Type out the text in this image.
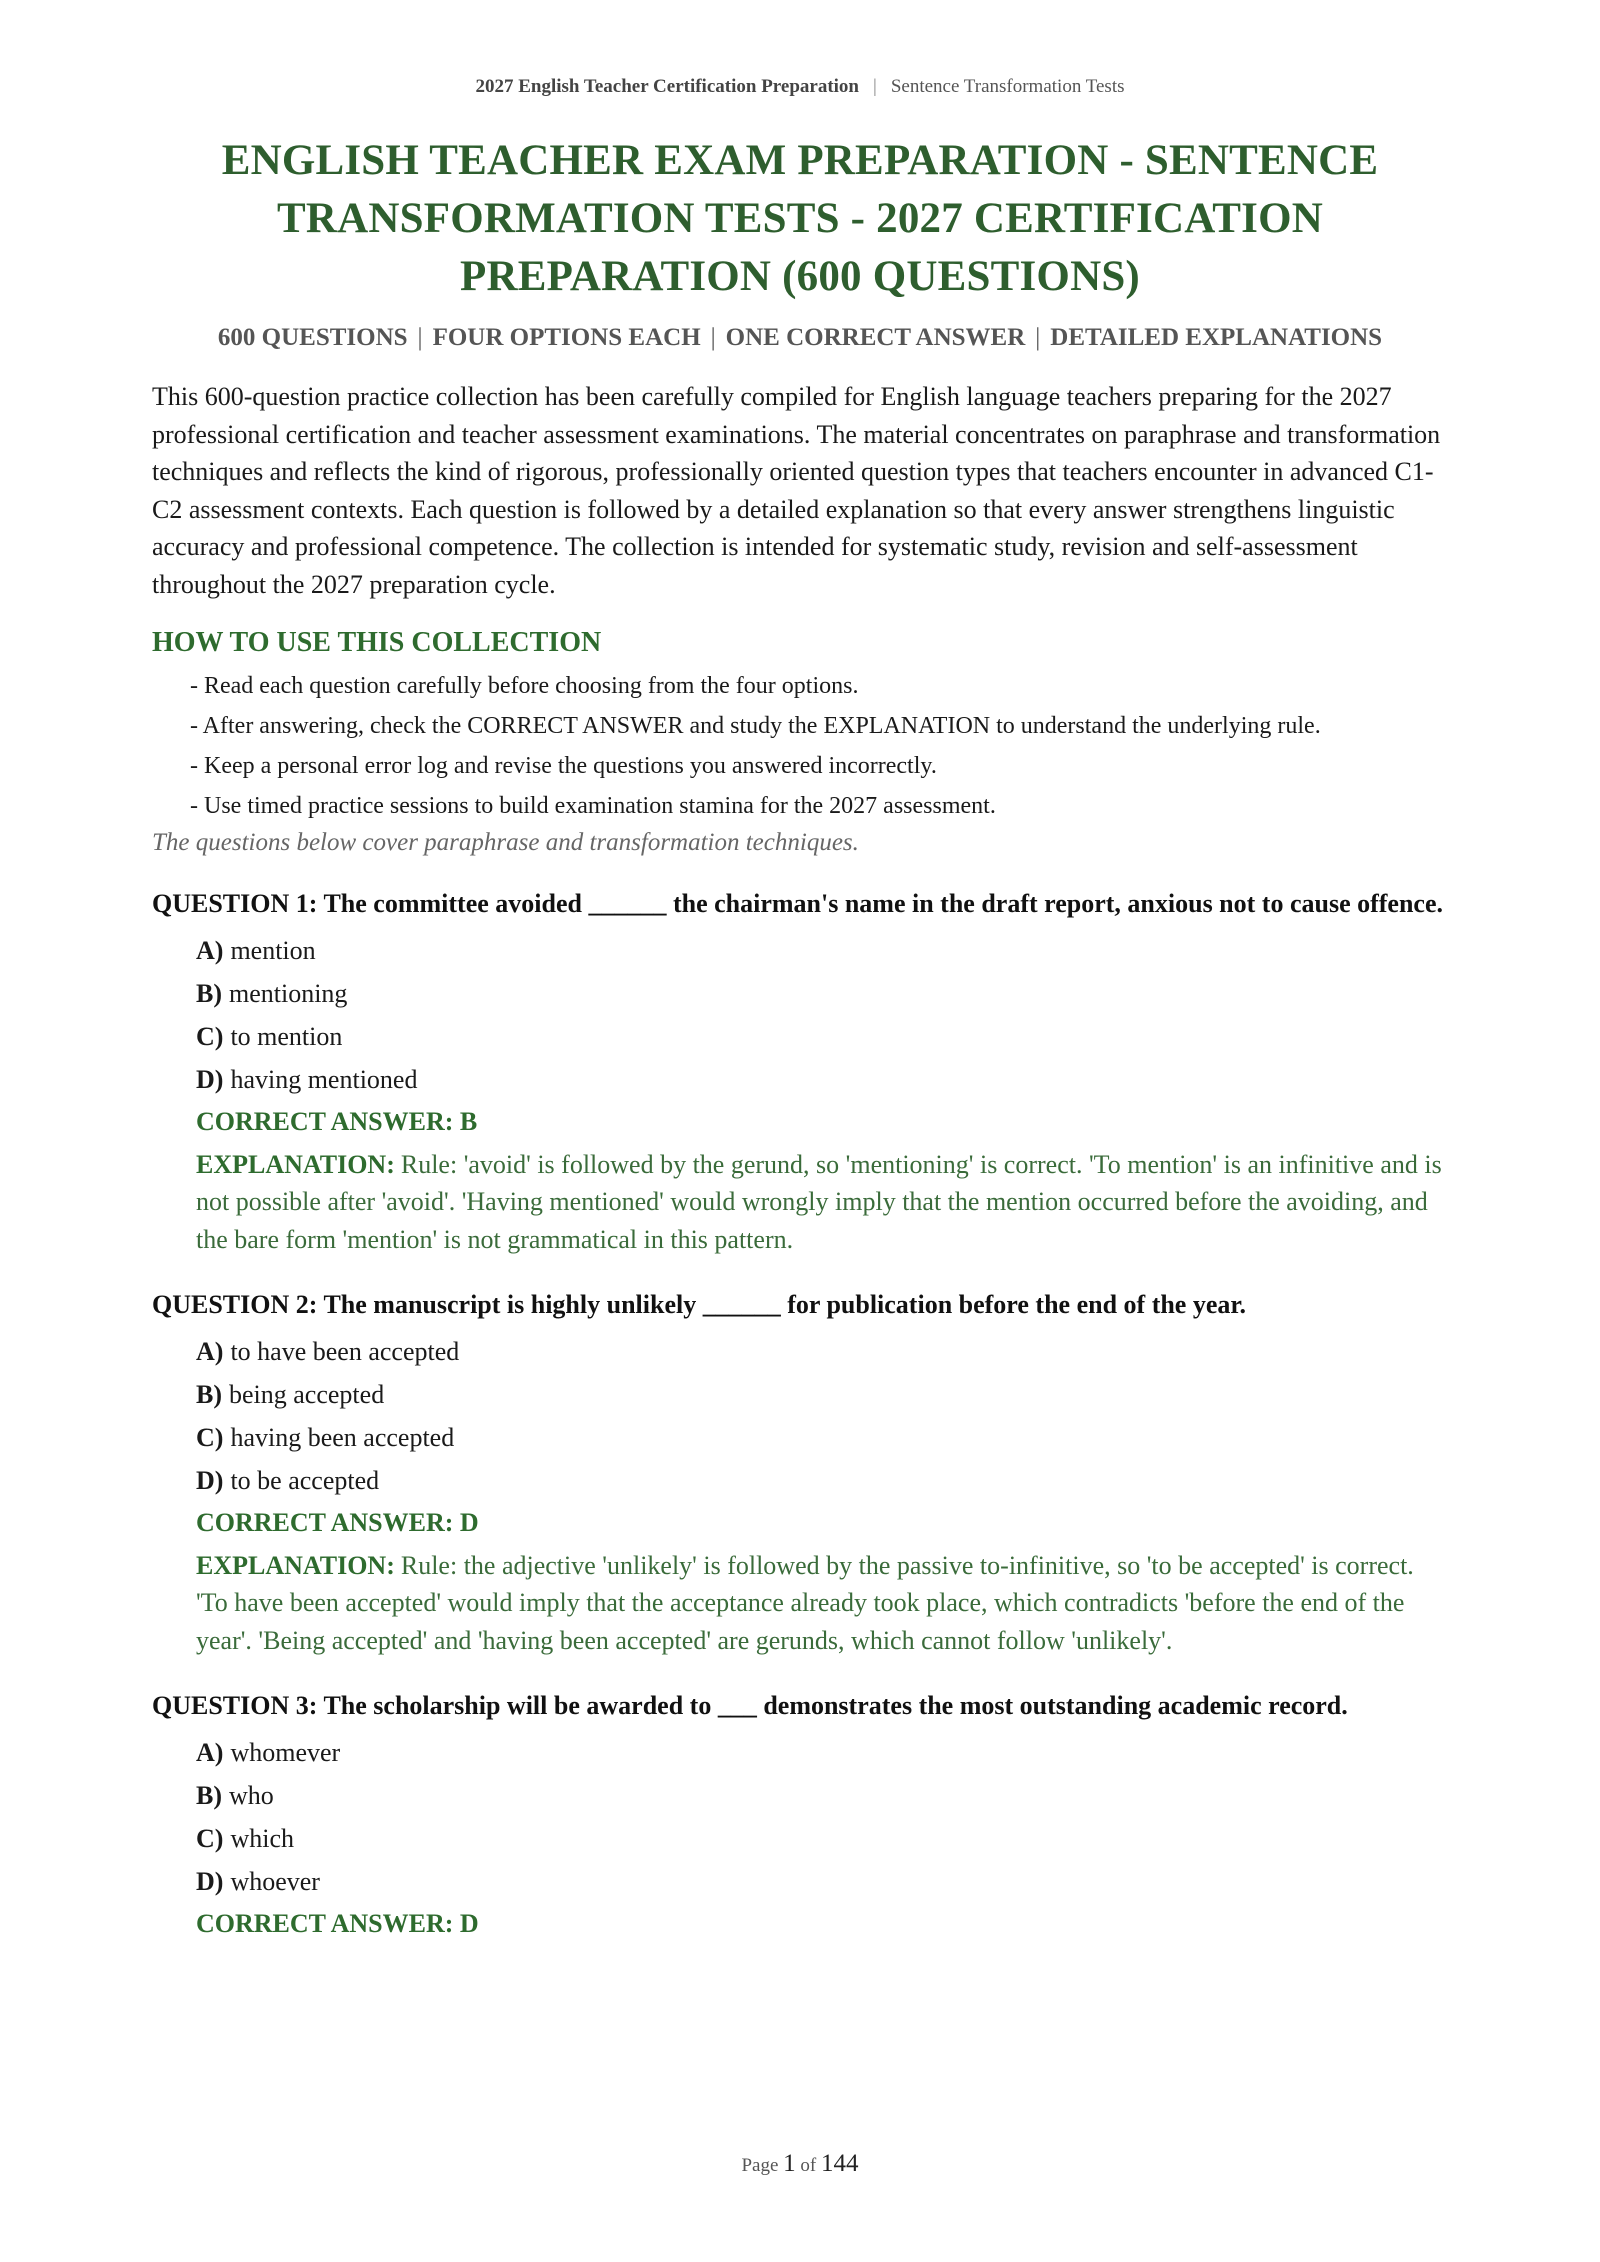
2027 English Teacher Certification Preparation | Sentence Transformation Tests
ENGLISH TEACHER EXAM PREPARATION - SENTENCE TRANSFORMATION TESTS - 2027 CERTIFICATION PREPARATION (600 QUESTIONS)
600 QUESTIONS | FOUR OPTIONS EACH | ONE CORRECT ANSWER | DETAILED EXPLANATIONS

This 600-question practice collection has been carefully compiled for English language teachers preparing for the 2027 professional certification and teacher assessment examinations. The material concentrates on paraphrase and transformation techniques and reflects the kind of rigorous, professionally oriented question types that teachers encounter in advanced C1-C2 assessment contexts. Each question is followed by a detailed explanation so that every answer strengthens linguistic accuracy and professional competence. The collection is intended for systematic study, revision and self-assessment throughout the 2027 preparation cycle.

HOW TO USE THIS COLLECTION
- Read each question carefully before choosing from the four options.
- After answering, check the CORRECT ANSWER and study the EXPLANATION to understand the underlying rule.
- Keep a personal error log and revise the questions you answered incorrectly.
- Use timed practice sessions to build examination stamina for the 2027 assessment.

The questions below cover paraphrase and transformation techniques.

QUESTION 1: The committee avoided ______ the chairman's name in the draft report, anxious not to cause offence.

A) mention
B) mentioning
C) to mention
D) having mentioned
CORRECT ANSWER: B
EXPLANATION: Rule: 'avoid' is followed by the gerund, so 'mentioning' is correct. 'To mention' is an infinitive and is not possible after 'avoid'. 'Having mentioned' would wrongly imply that the mention occurred before the avoiding, and the bare form 'mention' is not grammatical in this pattern.

QUESTION 2: The manuscript is highly unlikely ______ for publication before the end of the year.

A) to have been accepted
B) being accepted
C) having been accepted
D) to be accepted
CORRECT ANSWER: D
EXPLANATION: Rule: the adjective 'unlikely' is followed by the passive to-infinitive, so 'to be accepted' is correct. 'To have been accepted' would imply that the acceptance already took place, which contradicts 'before the end of the year'. 'Being accepted' and 'having been accepted' are gerunds, which cannot follow 'unlikely'.

QUESTION 3: The scholarship will be awarded to ___ demonstrates the most outstanding academic record.

A) whomever
B) who
C) which
D) whoever
CORRECT ANSWER: D
Page 1 of 144
